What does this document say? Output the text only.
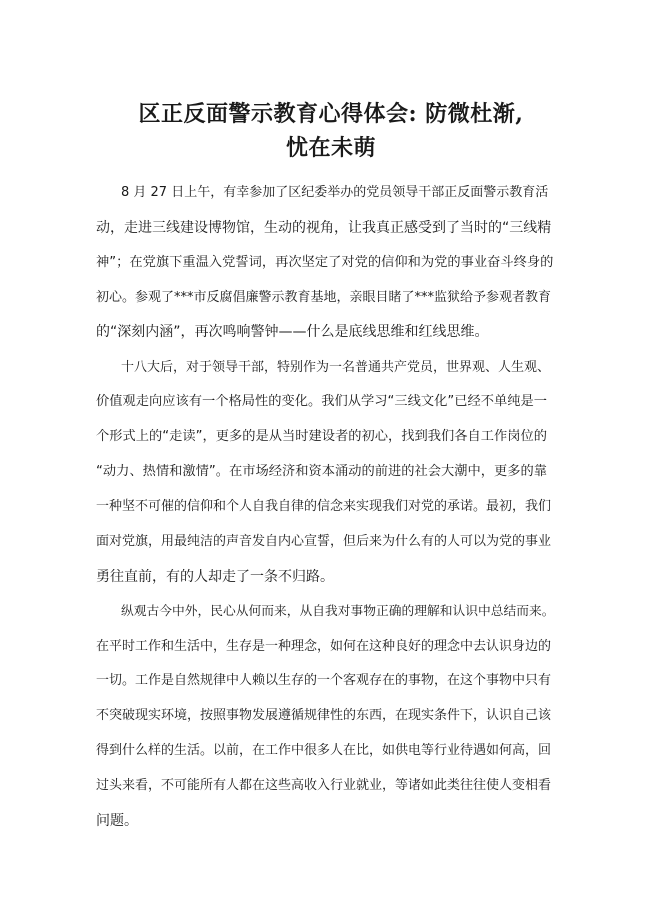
区正反面警示教育心得体会: 防微杜渐,
忧在未萌

8 月 27 日上午，有幸参加了区纪委举办的党员领导干部正反面警示教育活

动，走进三线建设博物馆，生动的视角，让我真正感受到了当时的“三线精

神”；在党旗下重温入党誓词，再次坚定了对党的信仰和为党的事业奋斗终身的

初心。参观了***市反腐倡廉警示教育基地，亲眼目睹了***监狱给予参观者教育

的“深刻内涵”，再次鸣响警钟——什么是底线思维和红线思维。

十八大后，对于领导干部，特别作为一名普通共产党员，世界观、人生观、

价值观走向应该有一个格局性的变化。我们从学习“三线文化”已经不单纯是一

个形式上的“走读”，更多的是从当时建设者的初心，找到我们各自工作岗位的

“动力、热情和激情”。在市场经济和资本涌动的前进的社会大潮中，更多的靠

一种坚不可催的信仰和个人自我自律的信念来实现我们对党的承诺。最初，我们

面对党旗，用最纯洁的声音发自内心宣誓，但后来为什么有的人可以为党的事业

勇往直前，有的人却走了一条不归路。

纵观古今中外，民心从何而来，从自我对事物正确的理解和认识中总结而来。

在平时工作和生活中，生存是一种理念，如何在这种良好的理念中去认识身边的

一切。工作是自然规律中人赖以生存的一个客观存在的事物，在这个事物中只有

不突破现实环境，按照事物发展遵循规律性的东西，在现实条件下，认识自己该

得到什么样的生活。以前，在工作中很多人在比，如供电等行业待遇如何高，回

过头来看，不可能所有人都在这些高收入行业就业，等诸如此类往往使人变相看

问题。
